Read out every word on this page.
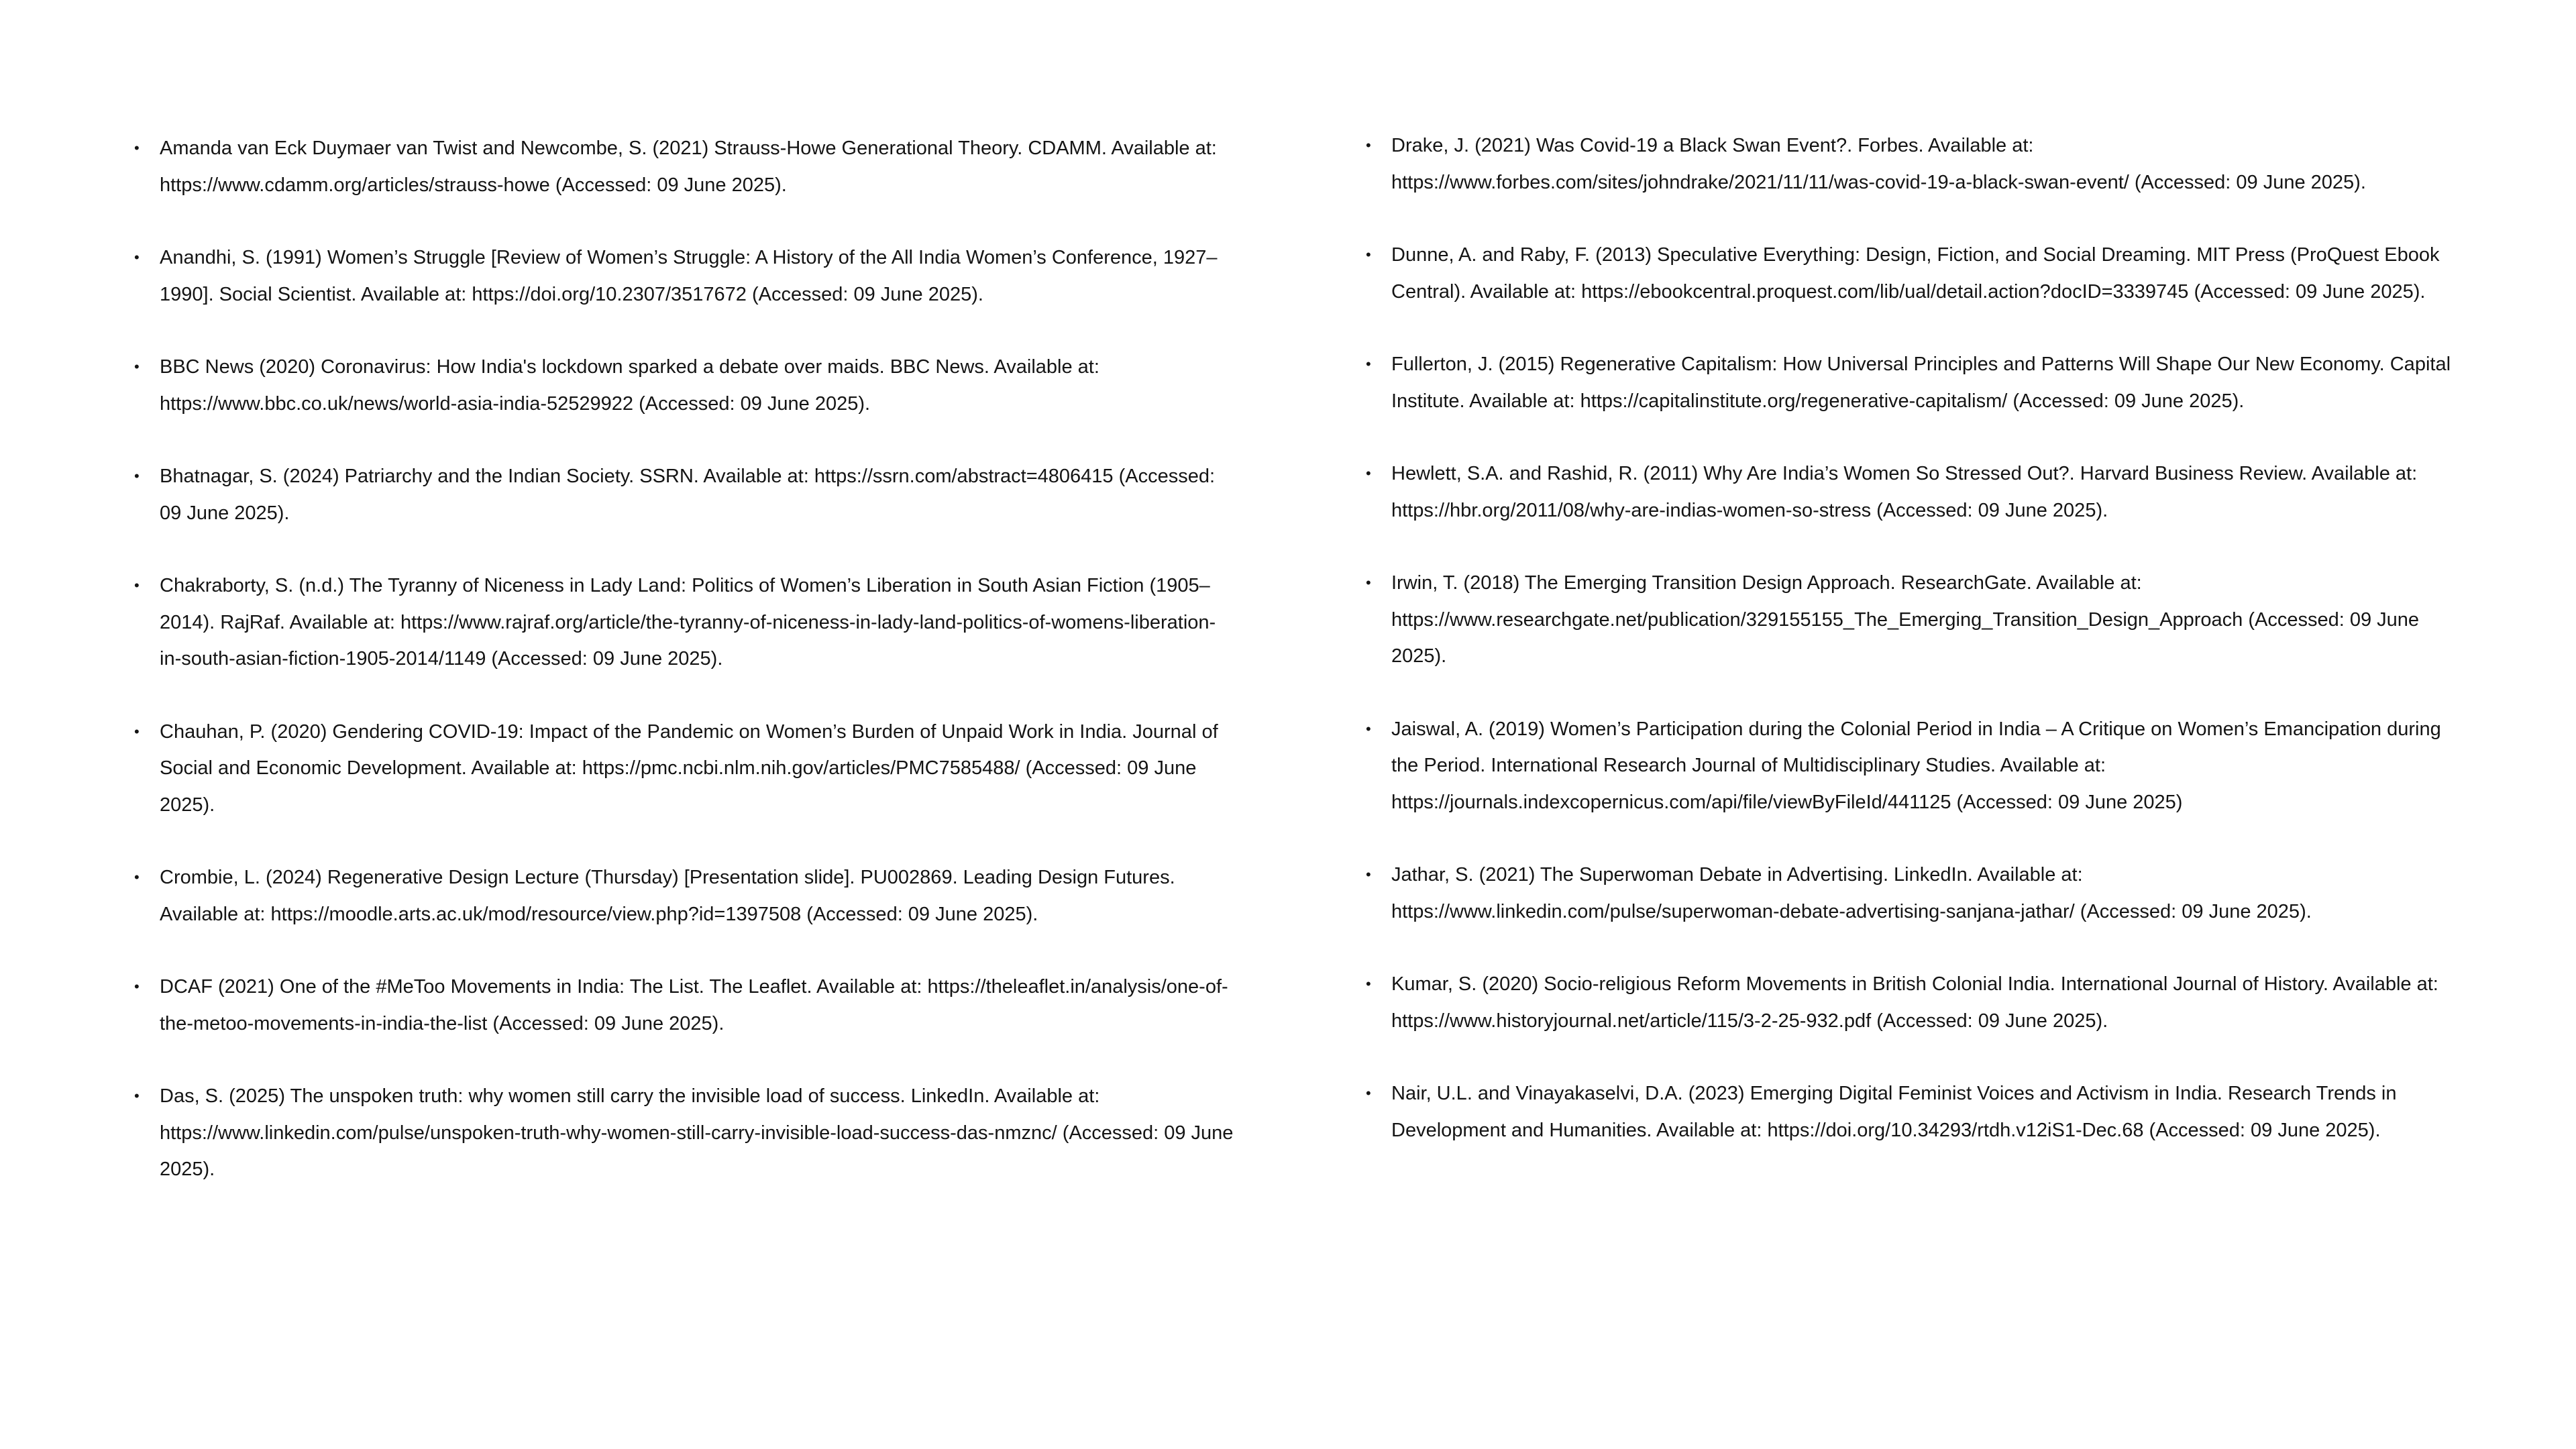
• Amanda van Eck Duymaer van Twist and Newcombe, S. (2021) Strauss-Howe Generational Theory. CDAMM. Available at: https://www.cdamm.org/articles/strauss-howe (Accessed: 09 June 2025).
• Anandhi, S. (1991) Women’s Struggle [Review of Women’s Struggle: A History of the All India Women’s Conference, 1927–1990]. Social Scientist. Available at: https://doi.org/10.2307/3517672 (Accessed: 09 June 2025).
• BBC News (2020) Coronavirus: How India's lockdown sparked a debate over maids. BBC News. Available at: https://www.bbc.co.uk/news/world-asia-india-52529922 (Accessed: 09 June 2025).
• Bhatnagar, S. (2024) Patriarchy and the Indian Society. SSRN. Available at: https://ssrn.com/abstract=4806415 (Accessed: 09 June 2025).
• Chakraborty, S. (n.d.) The Tyranny of Niceness in Lady Land: Politics of Women’s Liberation in South Asian Fiction (1905–2014). RajRaf. Available at: https://www.rajraf.org/article/the-tyranny-of-niceness-in-lady-land-politics-of-womens-liberation-in-south-asian-fiction-1905-2014/1149 (Accessed: 09 June 2025).
• Chauhan, P. (2020) Gendering COVID-19: Impact of the Pandemic on Women’s Burden of Unpaid Work in India. Journal of Social and Economic Development. Available at: https://pmc.ncbi.nlm.nih.gov/articles/PMC7585488/ (Accessed: 09 June 2025).
• Crombie, L. (2024) Regenerative Design Lecture (Thursday) [Presentation slide]. PU002869. Leading Design Futures. Available at: https://moodle.arts.ac.uk/mod/resource/view.php?id=1397508 (Accessed: 09 June 2025).
• DCAF (2021) One of the #MeToo Movements in India: The List. The Leaflet. Available at: https://theleaflet.in/analysis/one-of-the-metoo-movements-in-india-the-list (Accessed: 09 June 2025).
• Das, S. (2025) The unspoken truth: why women still carry the invisible load of success. LinkedIn. Available at: https://www.linkedin.com/pulse/unspoken-truth-why-women-still-carry-invisible-load-success-das-nmznc/ (Accessed: 09 June 2025).
• Drake, J. (2021) Was Covid-19 a Black Swan Event?. Forbes. Available at: https://www.forbes.com/sites/johndrake/2021/11/11/was-covid-19-a-black-swan-event/ (Accessed: 09 June 2025).
• Dunne, A. and Raby, F. (2013) Speculative Everything: Design, Fiction, and Social Dreaming. MIT Press (ProQuest Ebook Central). Available at: https://ebookcentral.proquest.com/lib/ual/detail.action?docID=3339745 (Accessed: 09 June 2025).
• Fullerton, J. (2015) Regenerative Capitalism: How Universal Principles and Patterns Will Shape Our New Economy. Capital Institute. Available at: https://capitalinstitute.org/regenerative-capitalism/ (Accessed: 09 June 2025).
• Hewlett, S.A. and Rashid, R. (2011) Why Are India’s Women So Stressed Out?. Harvard Business Review. Available at: https://hbr.org/2011/08/why-are-indias-women-so-stress (Accessed: 09 June 2025).
• Irwin, T. (2018) The Emerging Transition Design Approach. ResearchGate. Available at: https://www.researchgate.net/publication/329155155_The_Emerging_Transition_Design_Approach (Accessed: 09 June 2025).
• Jaiswal, A. (2019) Women’s Participation during the Colonial Period in India – A Critique on Women’s Emancipation during the Period. International Research Journal of Multidisciplinary Studies. Available at: https://journals.indexcopernicus.com/api/file/viewByFileId/441125 (Accessed: 09 June 2025)
• Jathar, S. (2021) The Superwoman Debate in Advertising. LinkedIn. Available at: https://www.linkedin.com/pulse/superwoman-debate-advertising-sanjana-jathar/ (Accessed: 09 June 2025).
• Kumar, S. (2020) Socio-religious Reform Movements in British Colonial India. International Journal of History. Available at: https://www.historyjournal.net/article/115/3-2-25-932.pdf (Accessed: 09 June 2025).
• Nair, U.L. and Vinayakaselvi, D.A. (2023) Emerging Digital Feminist Voices and Activism in India. Research Trends in Development and Humanities. Available at: https://doi.org/10.34293/rtdh.v12iS1-Dec.68 (Accessed: 09 June 2025).
